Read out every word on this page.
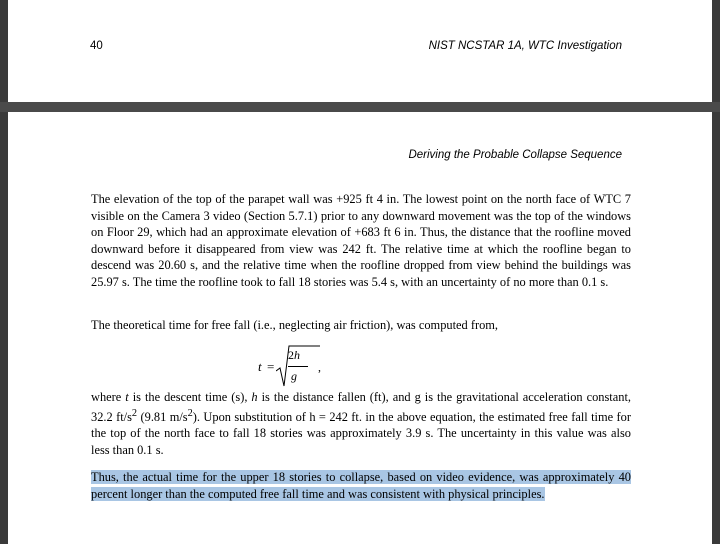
40	NIST NCSTAR 1A, WTC Investigation
Deriving the Probable Collapse Sequence

The elevation of the top of the parapet wall was +925 ft 4 in. The lowest point on the north face of WTC 7 visible on the Camera 3 video (Section 5.7.1) prior to any downward movement was the top of the windows on Floor 29, which had an approximate elevation of +683 ft 6 in. Thus, the distance that the roofline moved downward before it disappeared from view was 242 ft. The relative time at which the roofline began to descend was 20.60 s, and the relative time when the roofline dropped from view behind the buildings was 25.97 s. The time the roofline took to fall 18 stories was 5.4 s, with an uncertainty of no more than 0.1 s.

The theoretical time for free fall (i.e., neglecting air friction), was computed from,

t =
2h
g
,

where t is the descent time (s), h is the distance fallen (ft), and g is the gravitational acceleration constant, 32.2 $ft/s^2$ (9.81 $m/s^2$). Upon substitution of h = 242 ft. in the above equation, the estimated free fall time for the top of the north face to fall 18 stories was approximately 3.9 s. The uncertainty in this value was also less than 0.1 s.

Thus, the actual time for the upper 18 stories to collapse, based on video evidence, was approximately 40 percent longer than the computed free fall time and was consistent with physical principles.
